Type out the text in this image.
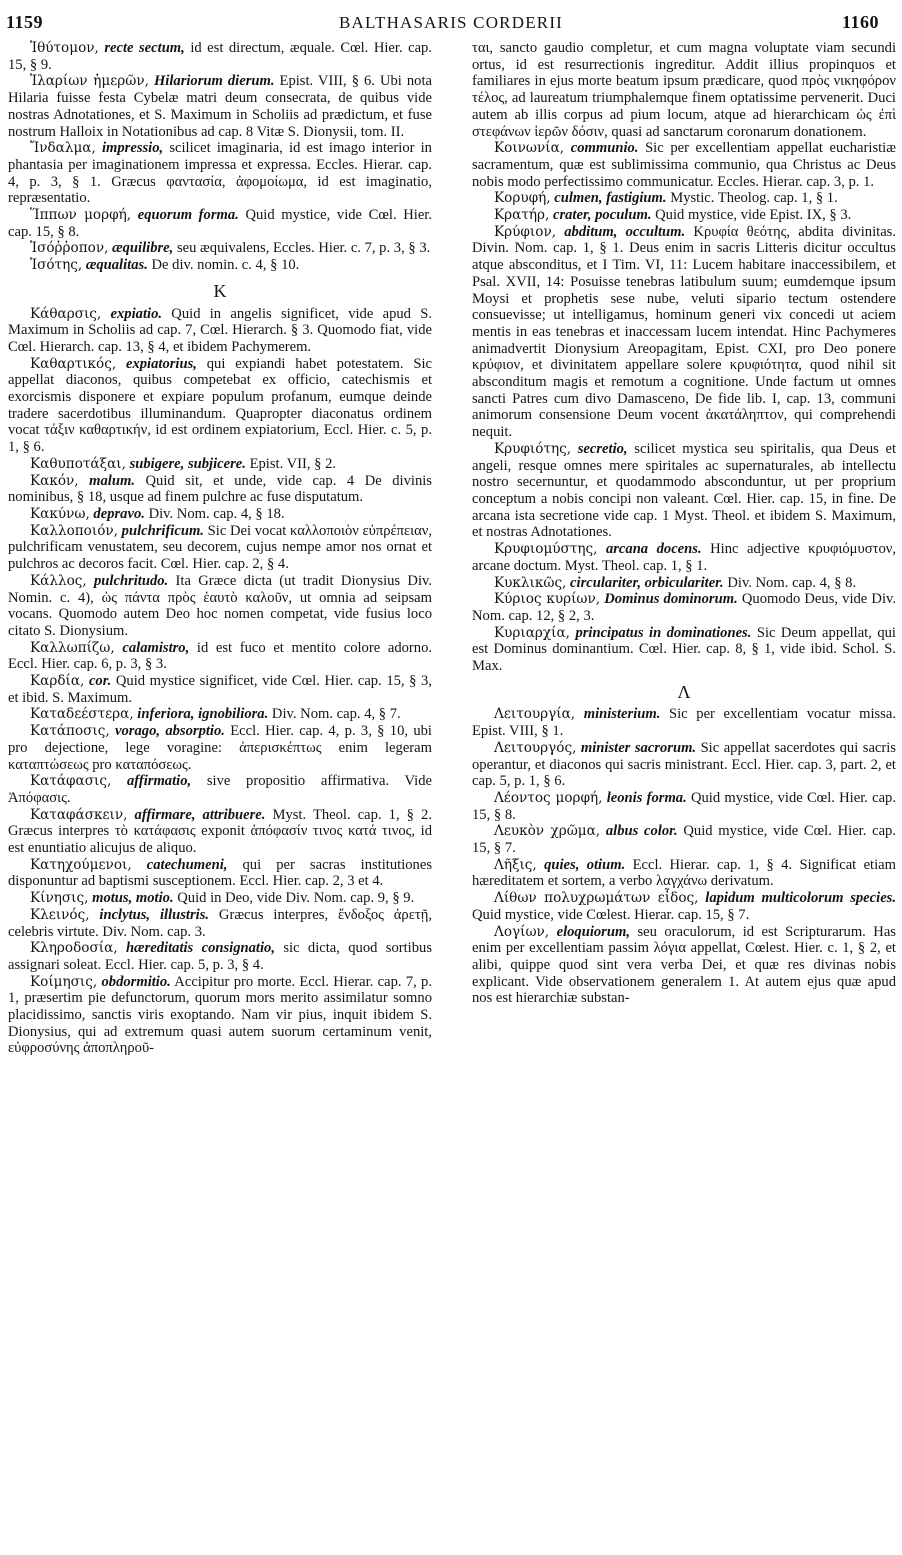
1159	BALTHASARIS CORDERII	1160

Ἰθύτομον, recte sectum, id est directum, æquale. Cœl. Hier. cap. 15, § 9.

Ἰλαρίων ἡμερῶν, Hilariorum dierum. Epist. VIII, § 6. Ubi nota Hilaria fuisse festa Cybelæ matri deum consecrata, de quibus vide nostras Adnotationes, et S. Maximum in Scholiis ad prædictum, et fuse nostrum Halloix in Notationibus ad cap. 8 Vitæ S. Dionysii, tom. II.

Ἴνδαλμα, impressio, scilicet imaginaria, id est imago interior in phantasia per imaginationem impressa et expressa. Eccles. Hierar. cap. 4, p. 3, § 1. Græcus φαντασία, ἀφομοίωμα, id est imaginatio, repræsentatio.

Ἵππων μορφή, equorum forma. Quid mystice, vide Cœl. Hier. cap. 15, § 8.

Ἰσόῤῥοπον, æquilibre, seu æquivalens, Eccles. Hier. c. 7, p. 3, § 3.

Ἰσότης, æqualitas. De div. nomin. c. 4, § 10.

K

Κάθαρσις, expiatio. Quid in angelis significet, vide apud S. Maximum in Scholiis ad cap. 7, Cœl. Hierarch. § 3. Quomodo fiat, vide Cœl. Hierarch. cap. 13, § 4, et ibidem Pachymerem.

Καθαρτικός, expiatorius, qui expiandi habet potestatem. Sic appellat diaconos, quibus competebat ex officio, catechismis et exorcismis disponere et expiare populum profanum, eumque deinde tradere sacerdotibus illuminandum. Quapropter diaconatus ordinem vocat τάξιν καθαρτικήν, id est ordinem expiatorium, Eccl. Hier. c. 5, p. 1, § 6.

Καθυποτάξαι, subigere, subjicere. Epist. VII, § 2.

Κακόν, malum. Quid sit, et unde, vide cap. 4 De divinis nominibus, § 18, usque ad finem pulchre ac fuse disputatum.

Κακύνω, depravo. Div. Nom. cap. 4, § 18.

Καλλοποιόν, pulchrificum. Sic Dei vocat καλλοποιὸν εὐπρέπειαν, pulchrificam venustatem, seu decorem, cujus nempe amor nos ornat et pulchros ac decoros facit. Cœl. Hier. cap. 2, § 4.

Κάλλος, pulchritudo. Ita Græce dicta (ut tradit Dionysius Div. Nomin. c. 4), ὡς πάντα πρὸς ἑαυτὸ καλοῦν, ut omnia ad seipsam vocans. Quomodo autem Deo hoc nomen competat, vide fusius loco citato S. Dionysium.

Καλλωπίζω, calamistro, id est fuco et mentito colore adorno. Eccl. Hier. cap. 6, p. 3, § 3.

Καρδία, cor. Quid mystice significet, vide Cœl. Hier. cap. 15, § 3, et ibid. S. Maximum.

Καταδεέστερα, inferiora, ignobiliora. Div. Nom. cap. 4, § 7.

Κατάποσις, vorago, absorptio. Eccl. Hier. cap. 4, p. 3, § 10, ubi pro dejectione, lege voragine: ἀπερισκέπτως enim legeram καταπτώσεως pro καταπόσεως.

Κατάφασις, affirmatio, sive propositio affirmativa. Vide Ἀπόφασις.

Καταφάσκειν, affirmare, attribuere. Myst. Theol. cap. 1, § 2. Græcus interpres τὸ κατάφασις exponit ἀπόφασίν τινος κατά τινος, id est enuntiatio alicujus de aliquo.

Κατηχούμενοι, catechumeni, qui per sacras institutiones disponuntur ad baptismi susceptionem. Eccl. Hier. cap. 2, 3 et 4.

Κίνησις, motus, motio. Quid in Deo, vide Div. Nom. cap. 9, § 9.

Κλεινός, inclytus, illustris. Græcus interpres, ἔνδοξος ἀρετῇ, celebris virtute. Div. Nom. cap. 3.

Κληροδοσία, hæreditatis consignatio, sic dicta, quod sortibus assignari soleat. Eccl. Hier. cap. 5, p. 3, § 4.

Κοίμησις, obdormitio. Accipitur pro morte. Eccl. Hierar. cap. 7, p. 1, præsertim pie defunctorum, quorum mors merito assimilatur somno placidissimo, sanctis viris exoptando. Nam vir pius, inquit ibidem S. Dionysius, qui ad extremum quasi autem suorum certaminum venit, εὐφροσύνης ἀποπληροῦ-

ται, sancto gaudio completur, et cum magna voluptate viam secundi ortus, id est resurrectionis ingreditur. Addit illius propinquos et familiares in ejus morte beatum ipsum prædicare, quod πρὸς νικηφόρον τέλος, ad laureatum triumphalemque finem optatissime pervenerit. Duci autem ab illis corpus ad pium locum, atque ad hierarchicam ὡς ἐπὶ στεφάνων ἱερῶν δόσιν, quasi ad sanctarum coronarum donationem.

Κοινωνία, communio. Sic per excellentiam appellat eucharistiæ sacramentum, quæ est sublimissima communio, qua Christus ac Deus nobis modo perfectissimo communicatur. Eccles. Hierar. cap. 3, p. 1.

Κορυφή, culmen, fastigium. Mystic. Theolog. cap. 1, § 1.

Κρατήρ, crater, poculum. Quid mystice, vide Epist. IX, § 3.

Κρύφιον, abditum, occultum. Κρυφία θεότης, abdita divinitas. Divin. Nom. cap. 1, § 1. Deus enim in sacris Litteris dicitur occultus atque absconditus, et I Tim. VI, 11: Lucem habitare inaccessibilem, et Psal. XVII, 14: Posuisse tenebras latibulum suum; eumdemque ipsum Moysi et prophetis sese nube, veluti sipario tectum ostendere consuevisse; ut intelligamus, hominum generi vix concedi ut aciem mentis in eas tenebras et inaccessam lucem intendat. Hinc Pachymeres animadvertit Dionysium Areopagitam, Epist. CXI, pro Deo ponere κρύφιον, et divinitatem appellare solere κρυφιότητα, quod nihil sit absconditum magis et remotum a cognitione. Unde factum ut omnes sancti Patres cum divo Damasceno, De fide lib. I, cap. 13, communi animorum consensione Deum vocent ἀκατάληπτον, qui comprehendi nequit.

Κρυφιότης, secretio, scilicet mystica seu spiritalis, qua Deus et angeli, resque omnes mere spiritales ac supernaturales, ab intellectu nostro secernuntur, et quodammodo absconduntur, ut per proprium conceptum a nobis concipi non valeant. Cœl. Hier. cap. 15, in fine. De arcana ista secretione vide cap. 1 Myst. Theol. et ibidem S. Maximum, et nostras Adnotationes.

Κρυφιομύστης, arcana docens. Hinc adjective κρυφιόμυστον, arcane doctum. Myst. Theol. cap. 1, § 1.

Κυκλικῶς, circulariter, orbiculariter. Div. Nom. cap. 4, § 8.

Κύριος κυρίων, Dominus dominorum. Quomodo Deus, vide Div. Nom. cap. 12, § 2, 3.

Κυριαρχία, principatus in dominationes. Sic Deum appellat, qui est Dominus dominantium. Cœl. Hier. cap. 8, § 1, vide ibid. Schol. S. Max.

Λ

Λειτουργία, ministerium. Sic per excellentiam vocatur missa. Epist. VIII, § 1.

Λειτουργός, minister sacrorum. Sic appellat sacerdotes qui sacris operantur, et diaconos qui sacris ministrant. Eccl. Hier. cap. 3, part. 2, et cap. 5, p. 1, § 6.

Λέοντος μορφή, leonis forma. Quid mystice, vide Cœl. Hier. cap. 15, § 8.

Λευκὸν χρῶμα, albus color. Quid mystice, vide Cœl. Hier. cap. 15, § 7.

Λῆξις, quies, otium. Eccl. Hierar. cap. 1, § 4. Significat etiam hæreditatem et sortem, a verbo λαγχάνω derivatum.

Λίθων πολυχρωμάτων εἶδος, lapidum multicolorum species. Quid mystice, vide Cœlest. Hierar. cap. 15, § 7.

Λογίων, eloquiorum, seu oraculorum, id est Scripturarum. Has enim per excellentiam passim λόγια appellat, Cœlest. Hier. c. 1, § 2, et alibi, quippe quod sint vera verba Dei, et quæ res divinas nobis explicant. Vide observationem generalem 1. At autem ejus quæ apud nos est hierarchiæ substan-
